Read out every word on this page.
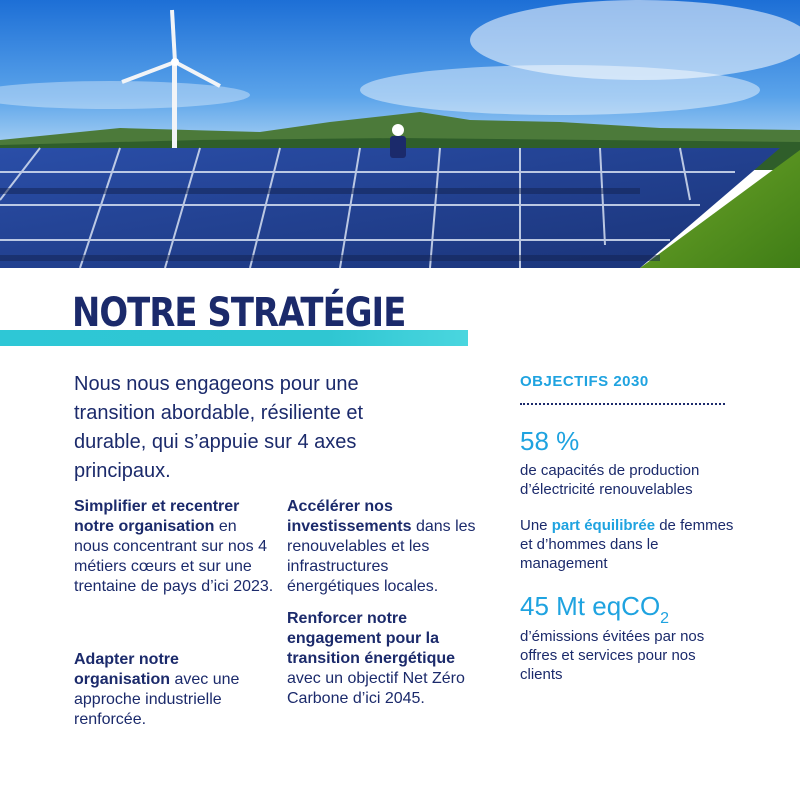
NOTRE STRATÉGIE
Nous nous engageons pour une transition abordable, résiliente et durable, qui s’appuie sur 4 axes principaux.
Simplifier et recentrer notre organisation en nous concentrant sur nos 4 métiers cœurs et sur une trentaine de pays d’ici 2023.
Adapter notre organisation avec une approche industrielle renforcée.
Accélérer nos investissements dans les renouvelables et les infrastructures énergétiques locales.
Renforcer notre engagement pour la transition énergétique avec un objectif Net Zéro Carbone d’ici 2045.
OBJECTIFS 2030
58 %
de capacités de production d’électricité renouvelables
Une part équilibrée de femmes et d’hommes dans le management
45 Mt eqCO$_2$
d’émissions évitées par nos offres et services pour nos clients
